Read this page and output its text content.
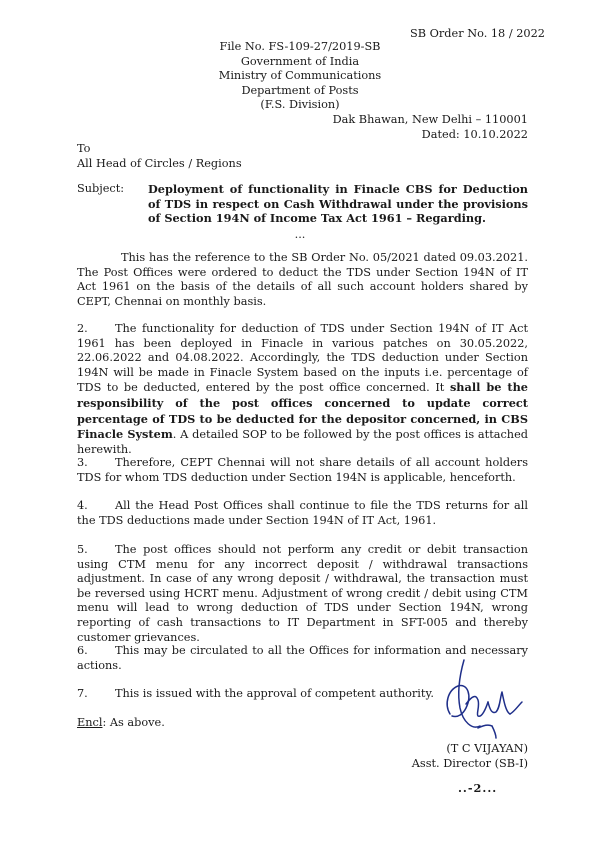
SB Order No. 18 / 2022
File No. FS-109-27/2019-SB
Government of India
Ministry of Communications
Department of Posts
(F.S. Division)
Dak Bhawan, New Delhi – 110001
Dated: 10.10.2022
To
All Head of Circles / Regions
Subject: Deployment of functionality in Finacle CBS for Deduction of TDS in respect on Cash Withdrawal under the provisions of Section 194N of Income Tax Act 1961 – Regarding.
...
This has the reference to the SB Order No. 05/2021 dated 09.03.2021. The Post Offices were ordered to deduct the TDS under Section 194N of IT Act 1961 on the basis of the details of all such account holders shared by CEPT, Chennai on monthly basis.
2. The functionality for deduction of TDS under Section 194N of IT Act 1961 has been deployed in Finacle in various patches on 30.05.2022, 22.06.2022 and 04.08.2022. Accordingly, the TDS deduction under Section 194N will be made in Finacle System based on the inputs i.e. percentage of TDS to be deducted, entered by the post office concerned. It shall be the responsibility of the post offices concerned to update correct percentage of TDS to be deducted for the depositor concerned, in CBS Finacle System. A detailed SOP to be followed by the post offices is attached herewith.
3. Therefore, CEPT Chennai will not share details of all account holders TDS for whom TDS deduction under Section 194N is applicable, henceforth.
4. All the Head Post Offices shall continue to file the TDS returns for all the TDS deductions made under Section 194N of IT Act, 1961.
5. The post offices should not perform any credit or debit transaction using CTM menu for any incorrect deposit / withdrawal transactions adjustment. In case of any wrong deposit / withdrawal, the transaction must be reversed using HCRT menu. Adjustment of wrong credit / debit using CTM menu will lead to wrong deduction of TDS under Section 194N, wrong reporting of cash transactions to IT Department in SFT-005 and thereby customer grievances.
6. This may be circulated to all the Offices for information and necessary actions.
7. This is issued with the approval of competent authority.
Encl: As above.
(T C VIJAYAN)
Asst. Director (SB-I)
..-2...
